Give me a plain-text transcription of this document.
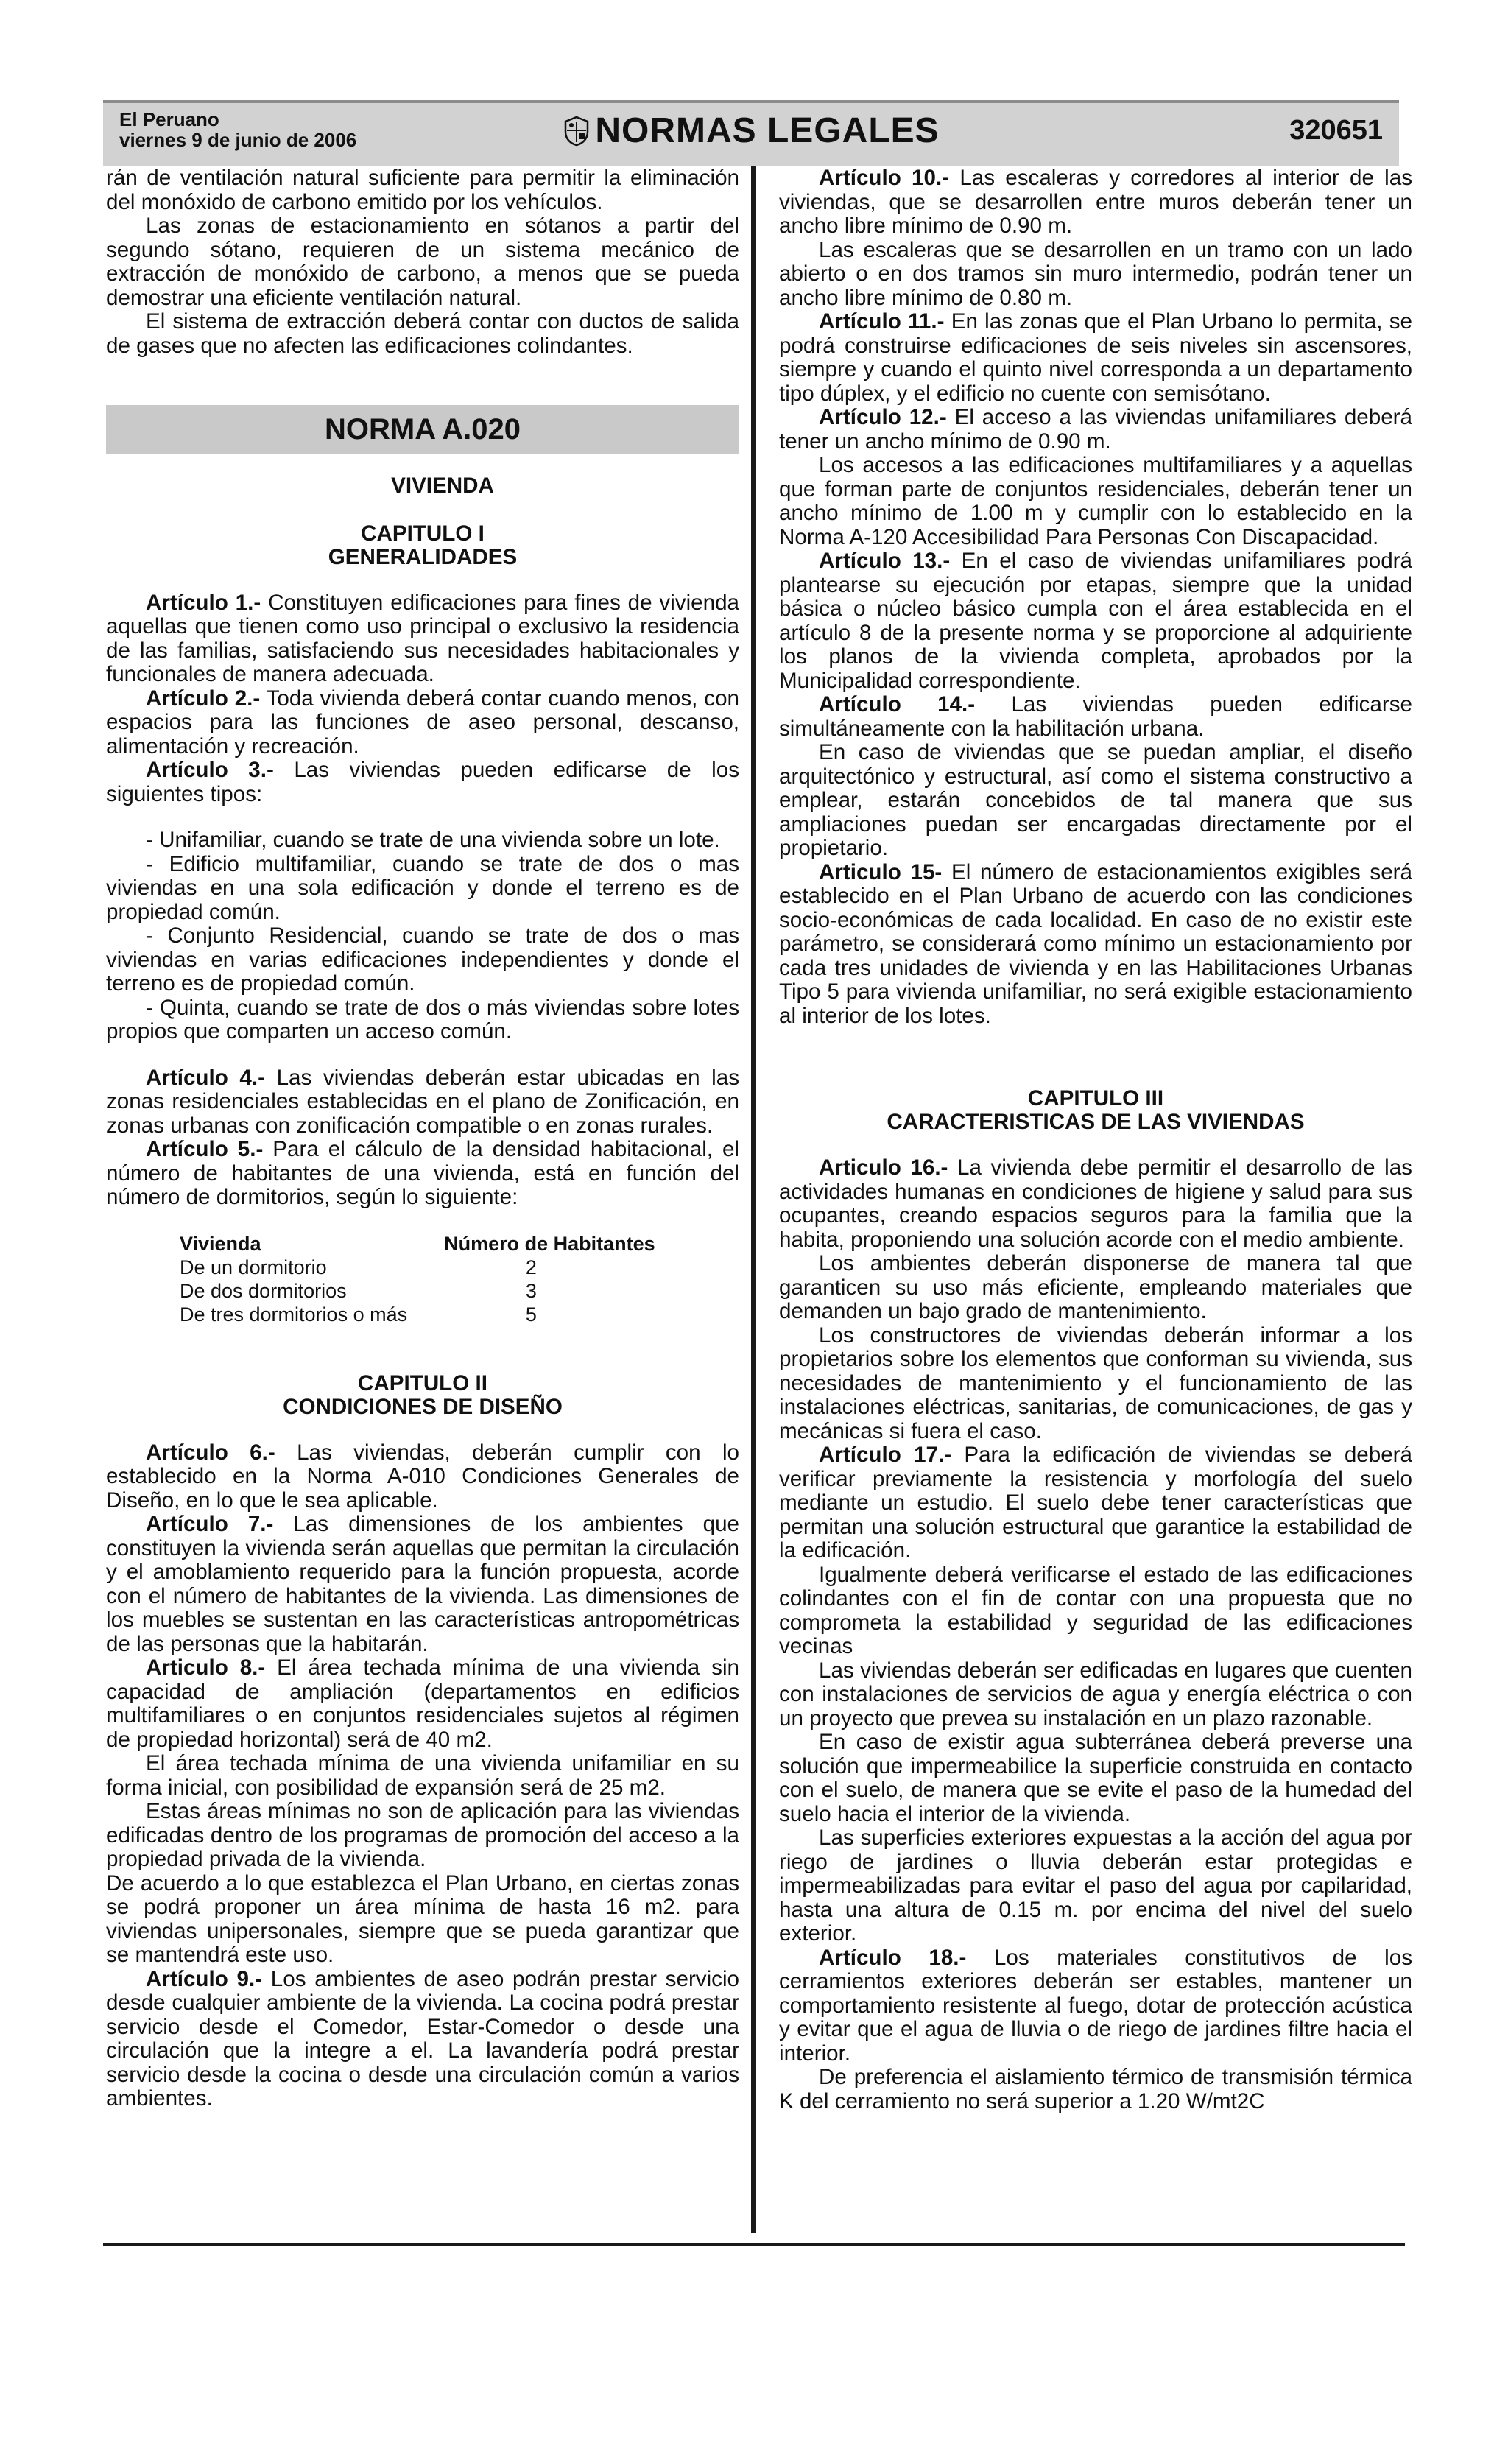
El Peruano
viernes 9 de junio de 2006	NORMAS LEGALES	320651

rán de ventilación natural suficiente para permitir la eliminación del monóxido de carbono emitido por los vehículos.

Las zonas de estacionamiento en sótanos a partir del segundo sótano, requieren de un sistema mecánico de extracción de monóxido de carbono, a menos que se pueda demostrar una eficiente ventilación natural.

El sistema de extracción deberá contar con ductos de salida de gases que no afecten las edificaciones colindantes.

NORMA A.020

VIVIENDA

CAPITULO I
GENERALIDADES

Artículo 1.- Constituyen edificaciones para fines de vivienda aquellas que tienen como uso principal o exclusivo la residencia de las familias, satisfaciendo sus necesidades habitacionales y funcionales de manera adecuada.

Artículo 2.- Toda vivienda deberá contar cuando menos, con espacios para las funciones de aseo personal, descanso, alimentación y recreación.

Artículo 3.- Las viviendas pueden edificarse de los siguientes tipos:

- Unifamiliar, cuando se trate de una vivienda sobre un lote.

- Edificio multifamiliar, cuando se trate de dos o mas viviendas en una sola edificación y donde el terreno es de propiedad común.

- Conjunto Residencial, cuando se trate de dos o mas viviendas en varias edificaciones independientes y donde el terreno es de propiedad común.

- Quinta, cuando se trate de dos o más viviendas sobre lotes propios que comparten un acceso común.

Artículo 4.- Las viviendas deberán estar ubicadas en las zonas residenciales establecidas en el plano de Zonificación, en zonas urbanas con zonificación compatible o en zonas rurales.

Artículo 5.- Para el cálculo de la densidad habitacional, el número de habitantes de una vivienda, está en función del número de dormitorios, según lo siguiente:

Vivienda	Número de Habitantes
De un dormitorio	2
De dos dormitorios	3
De tres dormitorios o más	5
CAPITULO II
CONDICIONES DE DISEÑO

Artículo 6.- Las viviendas, deberán cumplir con lo establecido en la Norma A-010 Condiciones Generales de Diseño, en lo que le sea aplicable.

Artículo 7.- Las dimensiones de los ambientes que constituyen la vivienda serán aquellas que permitan la circulación y el amoblamiento requerido para la función propuesta, acorde con el número de habitantes de la vivienda. Las dimensiones de los muebles se sustentan en las características antropométricas de las personas que la habitarán.

Articulo 8.- El área techada mínima de una vivienda sin capacidad de ampliación (departamentos en edificios multifamiliares o en conjuntos residenciales sujetos al régimen de propiedad horizontal) será de 40 m2.

El área techada mínima de una vivienda unifamiliar en su forma inicial, con posibilidad de expansión será de 25 m2.

Estas áreas mínimas no son de aplicación para las viviendas edificadas dentro de los programas de promoción del acceso a la propiedad privada de la vivienda.

De acuerdo a lo que establezca el Plan Urbano, en ciertas zonas se podrá proponer un área mínima de hasta 16 m2. para viviendas unipersonales, siempre que se pueda garantizar que se mantendrá este uso.

Artículo 9.- Los ambientes de aseo podrán prestar servicio desde cualquier ambiente de la vivienda. La cocina podrá prestar servicio desde el Comedor, Estar-Comedor o desde una circulación que la integre a el. La lavandería podrá prestar servicio desde la cocina o desde una circulación común a varios ambientes.

Artículo 10.- Las escaleras y corredores al interior de las viviendas, que se desarrollen entre muros deberán tener un ancho libre mínimo de 0.90 m.

Las escaleras que se desarrollen en un tramo con un lado abierto o en dos tramos sin muro intermedio, podrán tener un ancho libre mínimo de 0.80 m.

Artículo 11.- En las zonas que el Plan Urbano lo permita, se podrá construirse edificaciones de seis niveles sin ascensores, siempre y cuando el quinto nivel corresponda a un departamento tipo dúplex, y el edificio no cuente con semisótano.

Artículo 12.- El acceso a las viviendas unifamiliares deberá tener un ancho mínimo de 0.90 m.

Los accesos a las edificaciones multifamiliares y a aquellas que forman parte de conjuntos residenciales, deberán tener un ancho mínimo de 1.00 m y cumplir con lo establecido en la Norma A-120 Accesibilidad Para Personas Con Discapacidad.

Artículo 13.- En el caso de viviendas unifamiliares podrá plantearse su ejecución por etapas, siempre que la unidad básica o núcleo básico cumpla con el área establecida en el artículo 8 de la presente norma y se proporcione al adquiriente los planos de la vivienda completa, aprobados por la Municipalidad correspondiente.

Artículo 14.- Las viviendas pueden edificarse simultáneamente con la habilitación urbana.

En caso de viviendas que se puedan ampliar, el diseño arquitectónico y estructural, así como el sistema constructivo a emplear, estarán concebidos de tal manera que sus ampliaciones puedan ser encargadas directamente por el propietario.

Articulo 15- El número de estacionamientos exigibles será establecido en el Plan Urbano de acuerdo con las condiciones socio-económicas de cada localidad. En caso de no existir este parámetro, se considerará como mínimo un estacionamiento por cada tres unidades de vivienda y en las Habilitaciones Urbanas Tipo 5 para vivienda unifamiliar, no será exigible estacionamiento al interior de los lotes.

CAPITULO III
CARACTERISTICAS DE LAS VIVIENDAS

Articulo 16.- La vivienda debe permitir el desarrollo de las actividades humanas en condiciones de higiene y salud para sus ocupantes, creando espacios seguros para la familia que la habita, proponiendo una solución acorde con el medio ambiente.

Los ambientes deberán disponerse de manera tal que garanticen su uso más eficiente, empleando materiales que demanden un bajo grado de mantenimiento.

Los constructores de viviendas deberán informar a los propietarios sobre los elementos que conforman su vivienda, sus necesidades de mantenimiento y el funcionamiento de las instalaciones eléctricas, sanitarias, de comunicaciones, de gas y mecánicas si fuera el caso.

Artículo 17.- Para la edificación de viviendas se deberá verificar previamente la resistencia y morfología del suelo mediante un estudio. El suelo debe tener características que permitan una solución estructural que garantice la estabilidad de la edificación.

Igualmente deberá verificarse el estado de las edificaciones colindantes con el fin de contar con una propuesta que no comprometa la estabilidad y seguridad de las edificaciones vecinas

Las viviendas deberán ser edificadas en lugares que cuenten con instalaciones de servicios de agua y energía eléctrica o con un proyecto que prevea su instalación en un plazo razonable.

En caso de existir agua subterránea deberá preverse una solución que impermeabilice la superficie construida en contacto con el suelo, de manera que se evite el paso de la humedad del suelo hacia el interior de la vivienda.

Las superficies exteriores expuestas a la acción del agua por riego de jardines o lluvia deberán estar protegidas e impermeabilizadas para evitar el paso del agua por capilaridad, hasta una altura de 0.15 m. por encima del nivel del suelo exterior.

Artículo 18.- Los materiales constitutivos de los cerramientos exteriores deberán ser estables, mantener un comportamiento resistente al fuego, dotar de protección acústica y evitar que el agua de lluvia o de riego de jardines filtre hacia el interior.

De preferencia el aislamiento térmico de transmisión térmica K del cerramiento no será superior a 1.20 W/mt2C
